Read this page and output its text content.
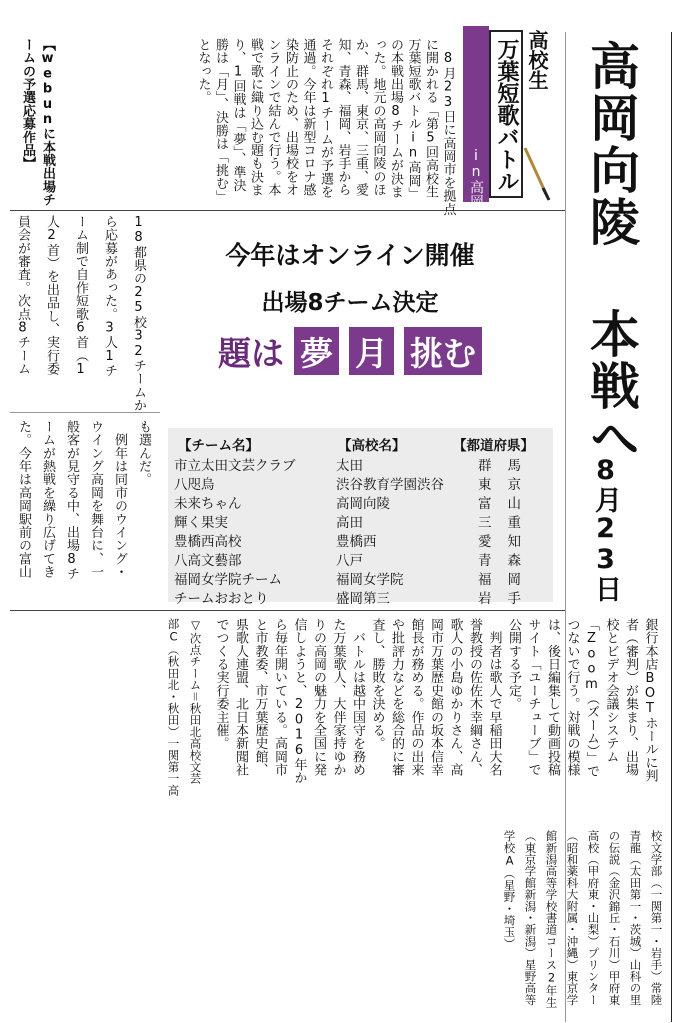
高岡向陵 本戦へ
8月23日
in高岡 万葉短歌バトル 高校生
　8月23日に高岡市を拠点
に開かれる「第5回高校生
万葉短歌バトルin高岡」
の本戦出場8チームが決ま
った。地元の高岡向陵のほ
か、群馬、東京、三重、愛
知、青森、福岡、岩手から
それぞれ1チームが予選を
通過。今年は新型コロナ感
染防止のため、出場校をオ
ンラインで結んで行う。本
戦で歌に織り込む題も決ま
り、1回戦は「夢」、準決
勝は「月」、決勝は「挑む」
となった。
【webunに本戦出場チ
ームの予選応募作品】
今年はオンライン開催
出場8チーム決定
題は 夢 月 挑む
18都県の25校32チームか
ら応募があった。3人1チ
ーム制で自作短歌6首（1
人2首）を出品し、実行委
員会が審査。次点8チーム
も選んだ。
　例年は同市のウイング・
ウイング高岡を舞台に、一
般客が見守る中、出場8チ
ームが熱戦を繰り広げてき
た。今年は高岡駅前の富山	【チーム名】	【高校名】	【都道府県】
市立太田文芸クラブ	太田	群馬
八咫烏	渋谷教育学園渋谷	東京
未来ちゃん	高岡向陵	富山
輝く果実	高田	三重
豊橋西高校	豊橋西	愛知
八高文藝部	八戸	青森
福岡女学院チーム	福岡女学院	福岡
チームおおとり	盛岡第三	岩手
銀行本店BOTホールに判
者（審判）が集まり、出場
校とビデオ会議システム
「Zoom（ズーム）」で
つないで行う。対戦の模様
は、後日編集して動画投稿
サイト「ユーチューブ」で
公開する予定。
　判者は歌人で早稲田大名
誉教授の佐佐木幸綱さん、
歌人の小島ゆかりさん、高
岡市万葉歴史館の坂本信幸
館長が務める。作品の出来
や批評力などを総合的に審
査し、勝敗を決める。
　バトルは越中国守を務め
た万葉歌人、大伴家持ゆか
りの高岡の魅力を全国に発
信しようと、2016年か
ら毎年開いている。高岡市
と市教委、市万葉歴史館、
県歌人連盟、北日本新聞社
でつくる実行委主催。
▽次点チーム＝秋田北高校文芸
部C（秋田北・秋田）一関第一高
校文学部（一関第一・岩手）常陸
青龍（太田第一・茨城）山科の里
の伝説（金沢錦丘・石川）甲府東
高校（甲府東・山梨）プリンター
（昭和薬科大附属・沖縄）東京学
館新潟高等学校書道コース2年生
（東京学館新潟・新潟）星野高等
学校A（星野・埼玉）
